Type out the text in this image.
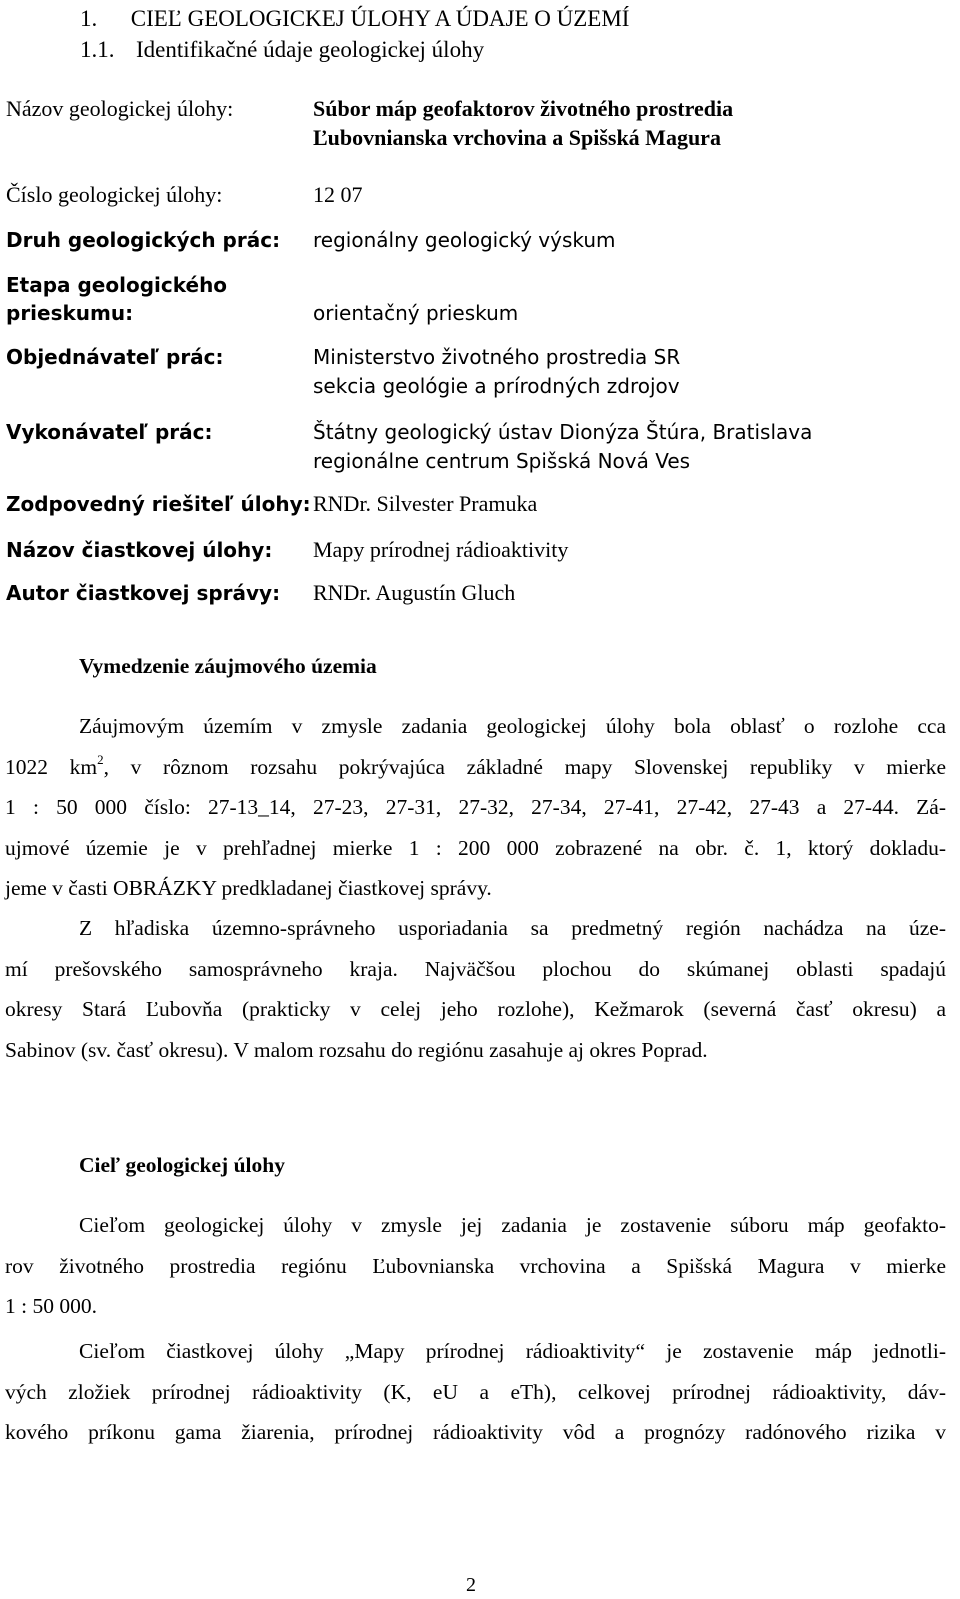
1. CIEĽ GEOLOGICKEJ ÚLOHY A ÚDAJE O ÚZEMÍ
1.1. Identifikačné údaje geologickej úlohy
Názov geologickej úlohy:	Súbor máp geofaktorov životného prostredia
Ľubovnianska vrchovina a Spišská Magura
Číslo geologickej úlohy:	12 07
Druh geologických prác: regionálny geologický výskum
Etapa geologického
prieskumu:	orientačný prieskum
Objednávateľ prác:	Ministerstvo životného prostredia SR
sekcia geológie a prírodných zdrojov
Vykonávateľ prác:	Štátny geologický ústav Dionýza Štúra, Bratislava
regionálne centrum Spišská Nová Ves
Zodpovedný riešiteľ úlohy: RNDr. Silvester Pramuka
Názov čiastkovej úlohy: Mapy prírodnej rádioaktivity
Autor čiastkovej správy: RNDr. Augustín Gluch
Vymedzenie záujmového územia
Záujmovým územím v zmysle zadania geologickej úlohy bola oblasť o rozlohe cca
1022 $km^2$, v rôznom rozsahu pokrývajúca základné mapy Slovenskej republiky v mierke
1 : 50 000 číslo: 27-13_14, 27-23, 27-31, 27-32, 27-34, 27-41, 27-42, 27-43 a 27-44. Zá-
ujmové územie je v prehľadnej mierke 1 : 200 000 zobrazené na obr. č. 1, ktorý dokladu-
jeme v časti OBRÁZKY predkladanej čiastkovej správy.
Z hľadiska územno-správneho usporiadania sa predmetný región nachádza na úze-
mí prešovského samosprávneho kraja. Najväčšou plochou do skúmanej oblasti spadajú
okresy Stará Ľubovňa (prakticky v celej jeho rozlohe), Kežmarok (severná časť okresu) a
Sabinov (sv. časť okresu). V malom rozsahu do regiónu zasahuje aj okres Poprad.
Cieľ geologickej úlohy
Cieľom geologickej úlohy v zmysle jej zadania je zostavenie súboru máp geofakto-
rov životného prostredia regiónu Ľubovnianska vrchovina a Spišská Magura v mierke
1 : 50 000.
Cieľom čiastkovej úlohy „Mapy prírodnej rádioaktivity“ je zostavenie máp jednotli-
vých zložiek prírodnej rádioaktivity (K, eU a eTh), celkovej prírodnej rádioaktivity, dáv-
kového príkonu gama žiarenia, prírodnej rádioaktivity vôd a prognózy radónového rizika v
2
